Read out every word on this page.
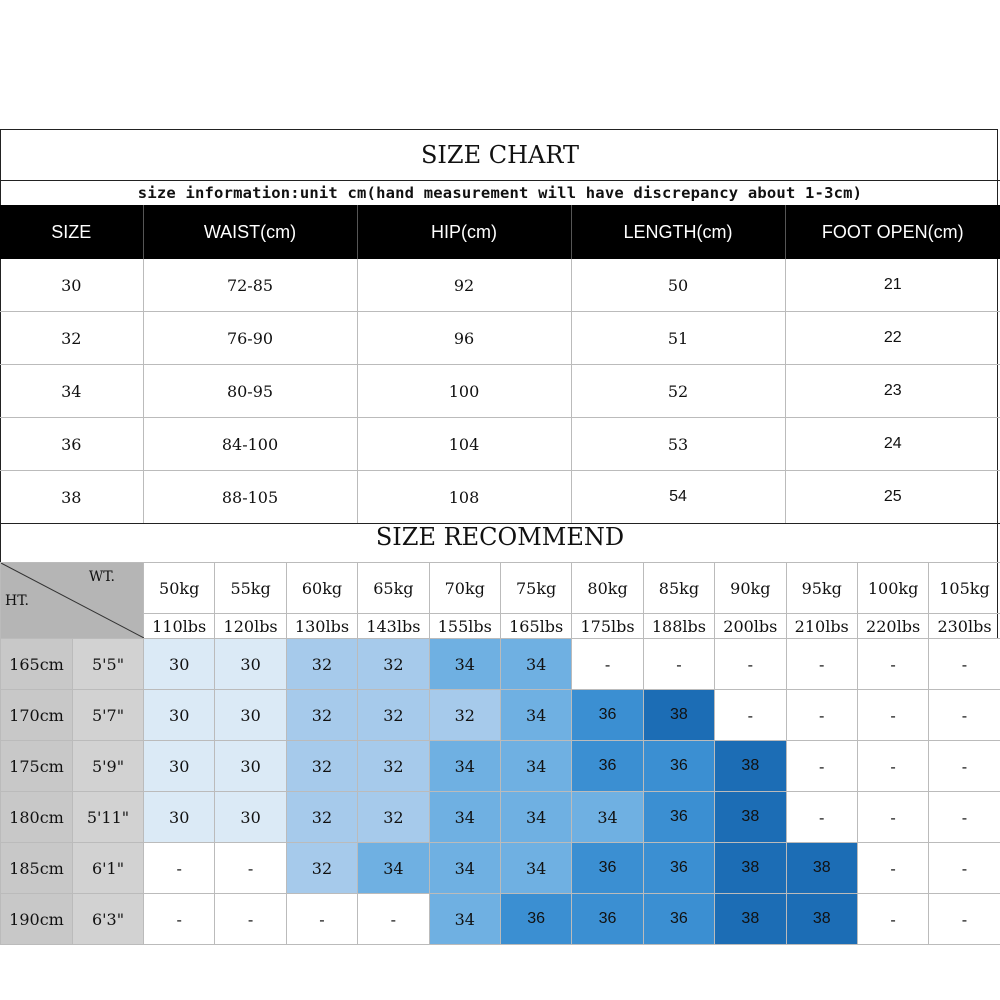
SIZE CHART
size information:unit cm(hand measurement will have discrepancy about 1-3cm)
SIZE	WAIST(cm)	HIP(cm)	LENGTH(cm)	FOOT OPEN(cm)
30	72-85	92	50	21
32	76-90	96	51	22
34	80-95	100	52	23
36	84-100	104	53	24
38	88-105	108	54	25
SIZE RECOMMEND
WT.
HT.		50kg	55kg	60kg	65kg	70kg	75kg	80kg	85kg	90kg	95kg	100kg	105kg
		110lbs	120lbs	130lbs	143lbs	155lbs	165lbs	175lbs	188lbs	200lbs	210lbs	220lbs	230lbs
165cm	5'5"	30	30	32	32	34	34	-	-	-	-	-	-
170cm	5'7"	30	30	32	32	32	34	36	38	-	-	-	-
175cm	5'9"	30	30	32	32	34	34	36	36	38	-	-	-
180cm	5'11"	30	30	32	32	34	34	34	36	38	-	-	-
185cm	6'1"	-	-	32	34	34	34	36	36	38	38	-	-
190cm	6'3"	-	-	-	-	34	36	36	36	38	38	-	-
